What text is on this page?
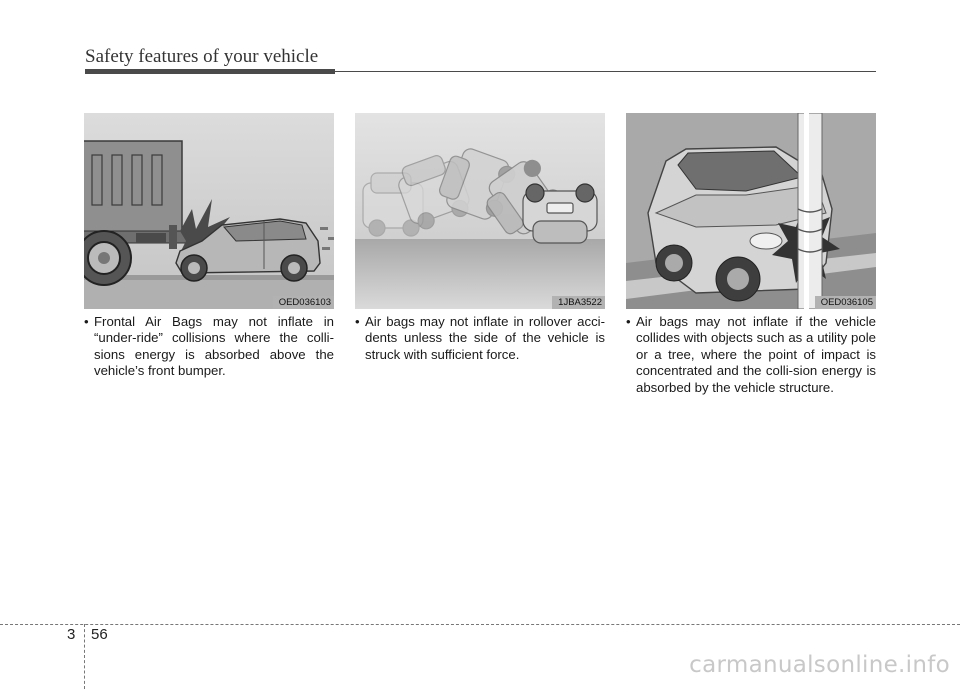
Safety features of your vehicle
OED036103	1JBA3522	OED036105
• Frontal Air Bags may not inflate in “under-ride” collisions where the colli-sions energy is absorbed above the vehicle’s front bumper.
• Air bags may not inflate in rollover acci-dents unless the side of the vehicle is struck with sufficient force.
• Air bags may not inflate if the vehicle collides with objects such as a utility pole or a tree, where the point of impact is concentrated and the colli-sion energy is absorbed by the vehicle structure.
3 56
carmanualsonline.info
